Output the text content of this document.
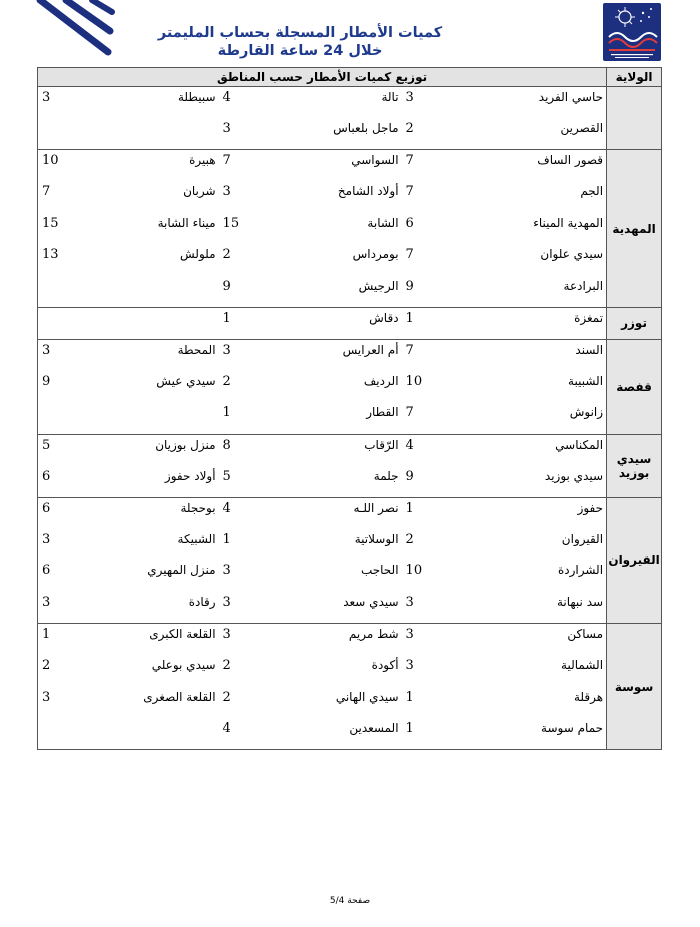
كميات الأمطار المسجلة بحساب المليمتر
خلال 24 ساعة القارطة
الولاية	توزيع كميات الأمطار حسب المناطق					
	حاسي الفريد	3	تالة	4	سبيطلة	3
	القصرين	2	ماجل بلعباس	3		
المهدية	قصور الساف	7	السواسي	7	هبيرة	10
	الجم	7	أولاد الشامخ	3	شربان	7
	المهدية الميناء	6	الشابة	15	ميناء الشابة	15
	سيدي علوان	7	بومرداس	2	ملولش	13
	البرادعة	9	الرجيش	9		
توزر	تمغزة	1	دقاش	1		
قفصة	السند	7	أم العرايس	3	المحطة	3
	الشبيبة	10	الرديف	2	سيدي عيش	9
	زانوش	7	القطار	1		
سيدي بوزيد	المكناسي	4	الرّقاب	8	منزل بوزيان	5
	سيدي بوزيد	9	جلمة	5	أولاد حفوز	6
القيروان	حفوز	1	نصر اللـه	4	بوحجلة	6
	القيروان	2	الوسلاتية	1	الشبيكة	3
	الشراردة	10	الحاجب	3	منزل المهيري	6
	سد نبهانة	3	سيدي سعد	3	رقادة	3
سوسة	مساكن	3	شط مريم	3	القلعة الكبرى	1
	الشمالية	3	أكودة	2	سيدي بوعلي	2
	هرقلة	1	سيدي الهاني	2	القلعة الصغرى	3
	حمام سوسة	1	المسعدين	4		
صفحة 5/4
